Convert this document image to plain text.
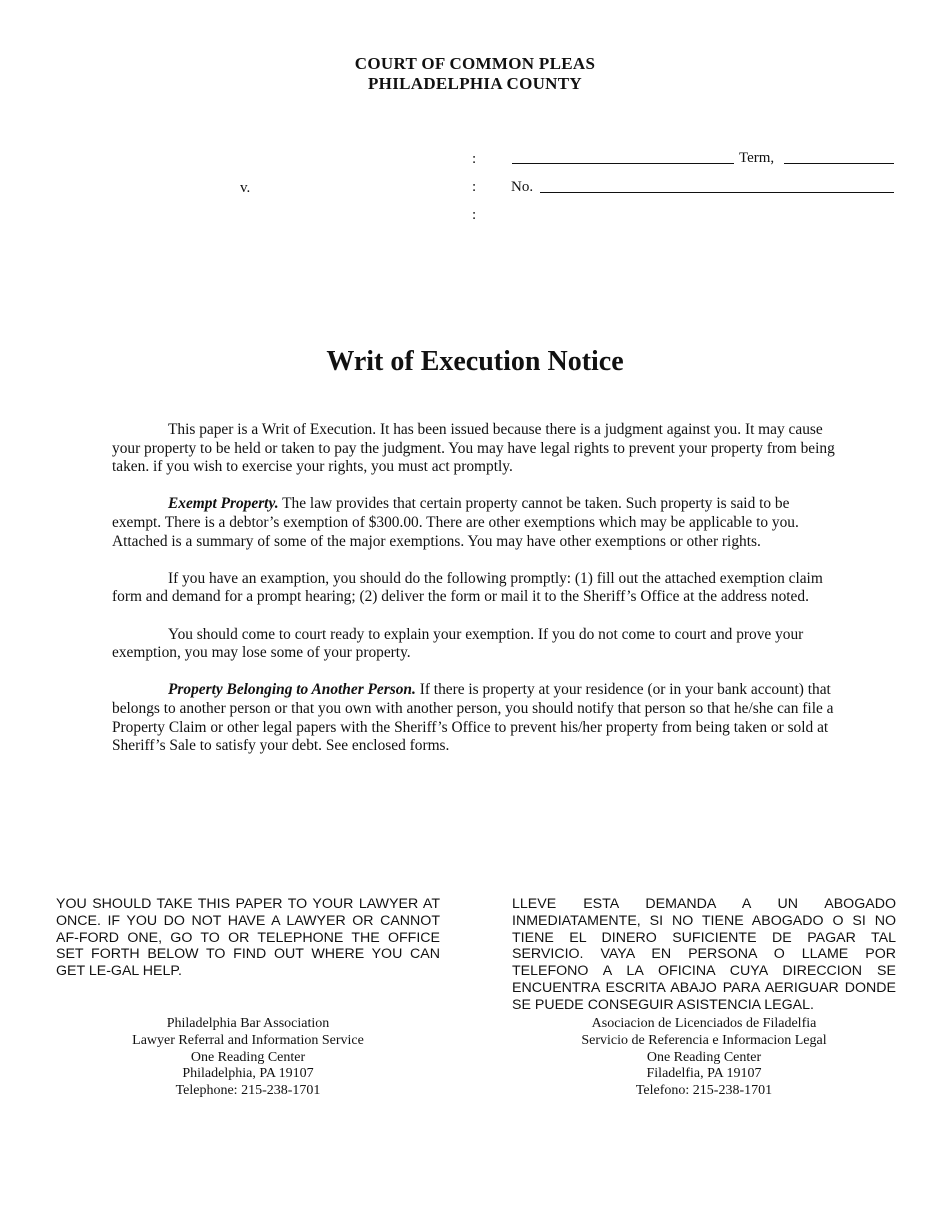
COURT OF COMMON PLEAS
PHILADELPHIA COUNTY
:
:
:
v.
Term,
No.
Writ of Execution Notice

This paper is a Writ of Execution. It has been issued because there is a judgment against you. It may cause your property to be held or taken to pay the judgment. You may have legal rights to prevent your property from being taken. if you wish to exercise your rights, you must act promptly.

Exempt Property. The law provides that certain property cannot be taken. Such property is said to be exempt. There is a debtor’s exemption of $300.00. There are other exemptions which may be applicable to you. Attached is a summary of some of the major exemptions. You may have other exemptions or other rights.

If you have an examption, you should do the following promptly: (1) fill out the attached exemption claim form and demand for a prompt hearing; (2) deliver the form or mail it to the Sheriff’s Office at the address noted.

You should come to court ready to explain your exemption. If you do not come to court and prove your exemption, you may lose some of your property.

Property Belonging to Another Person. If there is property at your residence (or in your bank account) that belongs to another person or that you own with another person, you should notify that person so that he/she can file a Property Claim or other legal papers with the Sheriff’s Office to prevent his/her property from being taken or sold at Sheriff’s Sale to satisfy your debt. See enclosed forms.

YOU SHOULD TAKE THIS PAPER TO YOUR LAWYER AT ONCE. IF YOU DO NOT HAVE A LAWYER OR CANNOT AF-FORD ONE, GO TO OR TELEPHONE THE OFFICE SET FORTH BELOW TO FIND OUT WHERE YOU CAN GET LE-GAL HELP.
LLEVE ESTA DEMANDA A UN ABOGADO INMEDIATAMENTE, SI NO TIENE ABOGADO O SI NO TIENE EL DINERO SUFICIENTE DE PAGAR TAL SERVICIO. VAYA EN PERSONA O LLAME POR TELEFONO A LA OFICINA CUYA DIRECCION SE ENCUENTRA ESCRITA ABAJO PARA AERIGUAR DONDE SE PUEDE CONSEGUIR ASISTENCIA LEGAL.
Philadelphia Bar Association
Lawyer Referral and Information Service
One Reading Center
Philadelphia, PA 19107
Telephone: 215-238-1701
Asociacion de Licenciados de Filadelfia
Servicio de Referencia e Informacion Legal
One Reading Center
Filadelfia, PA 19107
Telefono: 215-238-1701
